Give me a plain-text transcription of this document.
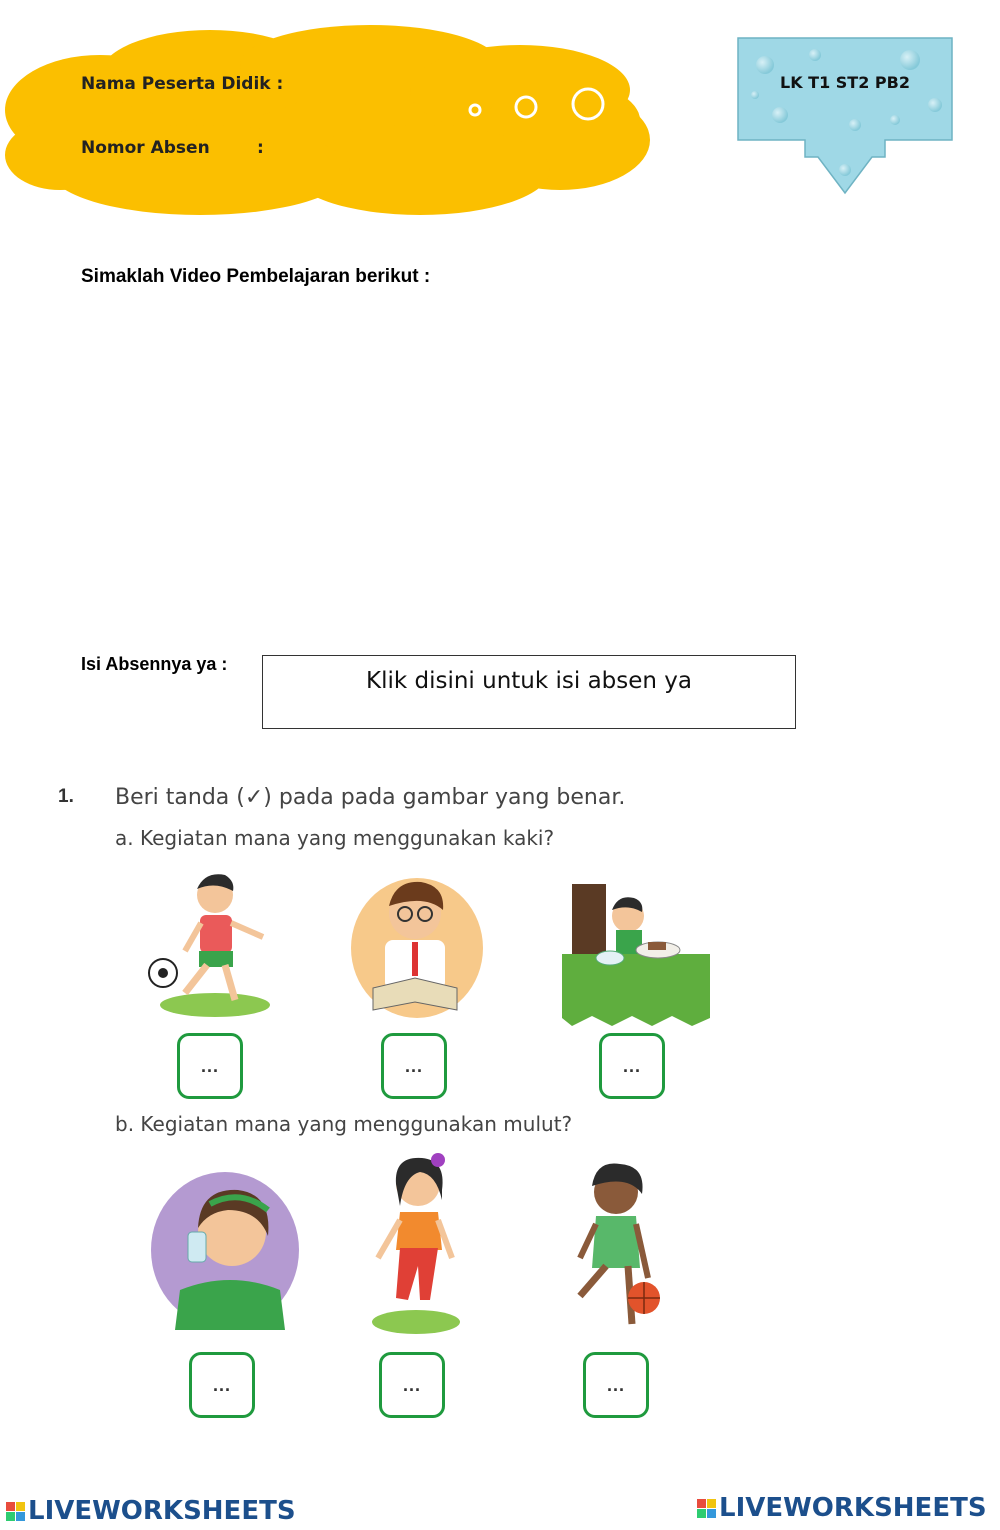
Nama Peserta Didik :
Nomor Absen	:
LK T1 ST2 PB2
Simaklah Video Pembelajaran berikut :
Isi Absennya ya :
Klik disini untuk isi absen ya
1. Beri tanda (✓) pada pada gambar yang benar.
a. Kegiatan mana yang menggunakan kaki?
...	...	...
b. Kegiatan mana yang menggunakan mulut?
...	...	...
LIVEWORKSHEETS	LIVEWORKSHEETS
